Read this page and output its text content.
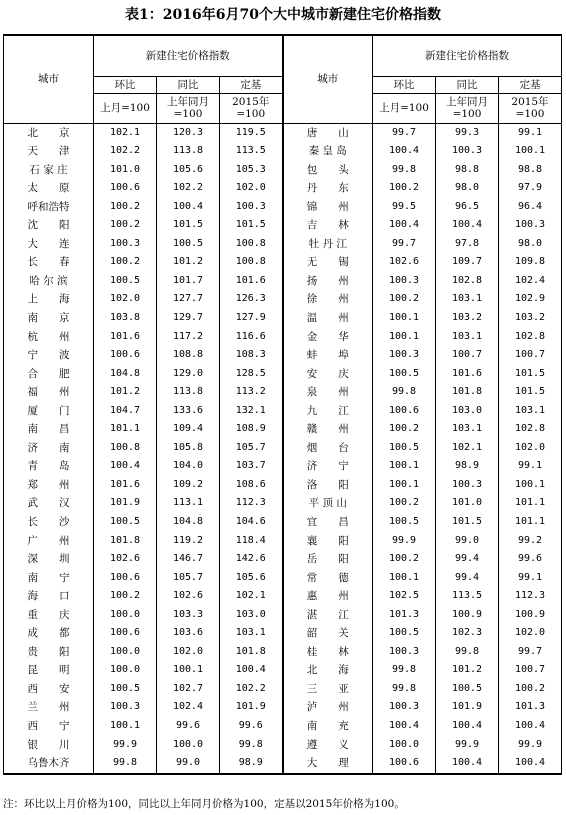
表1：2016年6月70个大中城市新建住宅价格指数
城市	新建住宅价格指数			城市	新建住宅价格指数		
	环比	同比	定基		环比	同比	定基
	上月=100	上年同月=100	2015年=100		上月=100	上年同月=100	2015年=100
北　　京	102.1	120.3	119.5	唐　　山	99.7	99.3	99.1
天　　津	102.2	113.8	113.5	秦 皇 岛	100.4	100.3	100.1
石 家 庄	101.0	105.6	105.3	包　　头	99.8	98.8	98.8
太　　原	100.6	102.2	102.0	丹　　东	100.2	98.0	97.9
呼和浩特	100.2	100.4	100.3	锦　　州	99.5	96.5	96.4
沈　　阳	100.2	101.5	101.5	吉　　林	100.4	100.4	100.3
大　　连	100.3	100.5	100.8	牡 丹 江	99.7	97.8	98.0
长　　春	100.2	101.2	100.8	无　　锡	102.6	109.7	109.8
哈 尔 滨	100.5	101.7	101.6	扬　　州	100.3	102.8	102.4
上　　海	102.0	127.7	126.3	徐　　州	100.2	103.1	102.9
南　　京	103.8	129.7	127.9	温　　州	100.1	103.2	103.2
杭　　州	101.6	117.2	116.6	金　　华	100.1	103.1	102.8
宁　　波	100.6	108.8	108.3	蚌　　埠	100.3	100.7	100.7
合　　肥	104.8	129.0	128.5	安　　庆	100.5	101.6	101.5
福　　州	101.2	113.8	113.2	泉　　州	99.8	101.8	101.5
厦　　门	104.7	133.6	132.1	九　　江	100.6	103.0	103.1
南　　昌	101.1	109.4	108.9	赣　　州	100.2	103.1	102.8
济　　南	100.8	105.8	105.7	烟　　台	100.5	102.1	102.0
青　　岛	100.4	104.0	103.7	济　　宁	100.1	98.9	99.1
郑　　州	101.6	109.2	108.6	洛　　阳	100.1	100.3	100.1
武　　汉	101.9	113.1	112.3	平 顶 山	100.2	101.0	101.1
长　　沙	100.5	104.8	104.6	宜　　昌	100.5	101.5	101.1
广　　州	101.8	119.2	118.4	襄　　阳	99.9	99.0	99.2
深　　圳	102.6	146.7	142.6	岳　　阳	100.2	99.4	99.6
南　　宁	100.6	105.7	105.6	常　　德	100.1	99.4	99.1
海　　口	100.2	102.6	102.1	惠　　州	102.5	113.5	112.3
重　　庆	100.0	103.3	103.0	湛　　江	101.3	100.9	100.9
成　　都	100.6	103.6	103.1	韶　　关	100.5	102.3	102.0
贵　　阳	100.0	102.0	101.8	桂　　林	100.3	99.8	99.7
昆　　明	100.0	100.1	100.4	北　　海	99.8	101.2	100.7
西　　安	100.5	102.7	102.2	三　　亚	99.8	100.5	100.2
兰　　州	100.3	102.4	101.9	泸　　州	100.3	101.9	101.3
西　　宁	100.1	99.6	99.6	南　　充	100.4	100.4	100.4
银　　川	99.9	100.0	99.8	遵　　义	100.0	99.9	99.9
乌鲁木齐	99.8	99.0	98.9	大　　理	100.6	100.4	100.4
注：环比以上月价格为100，同比以上年同月价格为100，定基以2015年价格为100。
